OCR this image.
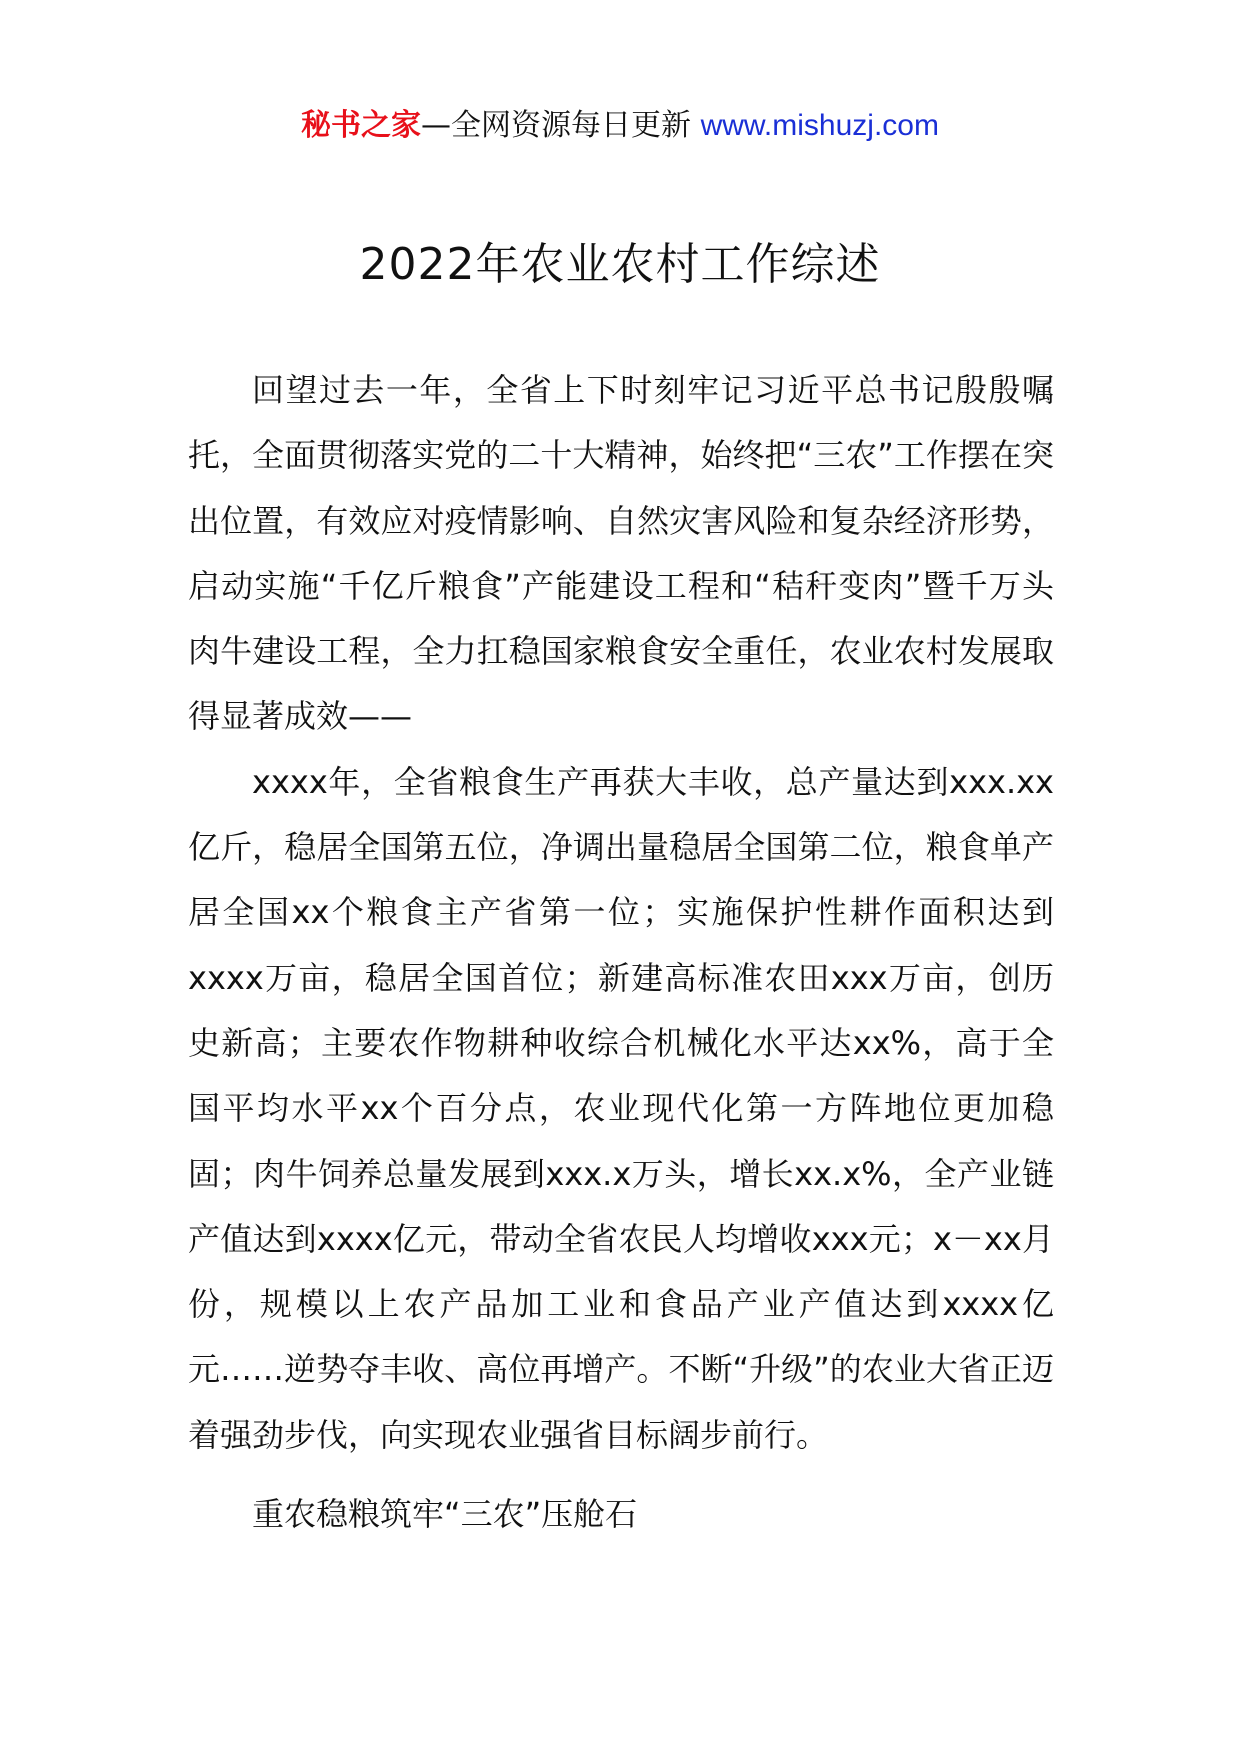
秘书之家—全网资源每日更新 www.mishuzj.com
2022年农业农村工作综述

回望过去一年，全省上下时刻牢记习近平总书记殷殷嘱托，全面贯彻落实党的二十大精神，始终把“三农”工作摆在突出位置，有效应对疫情影响、自然灾害风险和复杂经济形势，启动实施“千亿斤粮食”产能建设工程和“秸秆变肉”暨千万头肉牛建设工程，全力扛稳国家粮食安全重任，农业农村发展取得显著成效——

xxxx年，全省粮食生产再获大丰收，总产量达到xxx.xx亿斤，稳居全国第五位，净调出量稳居全国第二位，粮食单产居全国xx个粮食主产省第一位；实施保护性耕作面积达到xxxx万亩，稳居全国首位；新建高标准农田xxx万亩，创历史新高；主要农作物耕种收综合机械化水平达xx%，高于全国平均水平xx个百分点，农业现代化第一方阵地位更加稳固；肉牛饲养总量发展到xxx.x万头，增长xx.x%，全产业链产值达到xxxx亿元，带动全省农民人均增收xxx元；x－xx月份，规模以上农产品加工业和食品产业产值达到xxxx亿元……逆势夺丰收、高位再增产。不断“升级”的农业大省正迈着强劲步伐，向实现农业强省目标阔步前行。

重农稳粮筑牢“三农”压舱石
